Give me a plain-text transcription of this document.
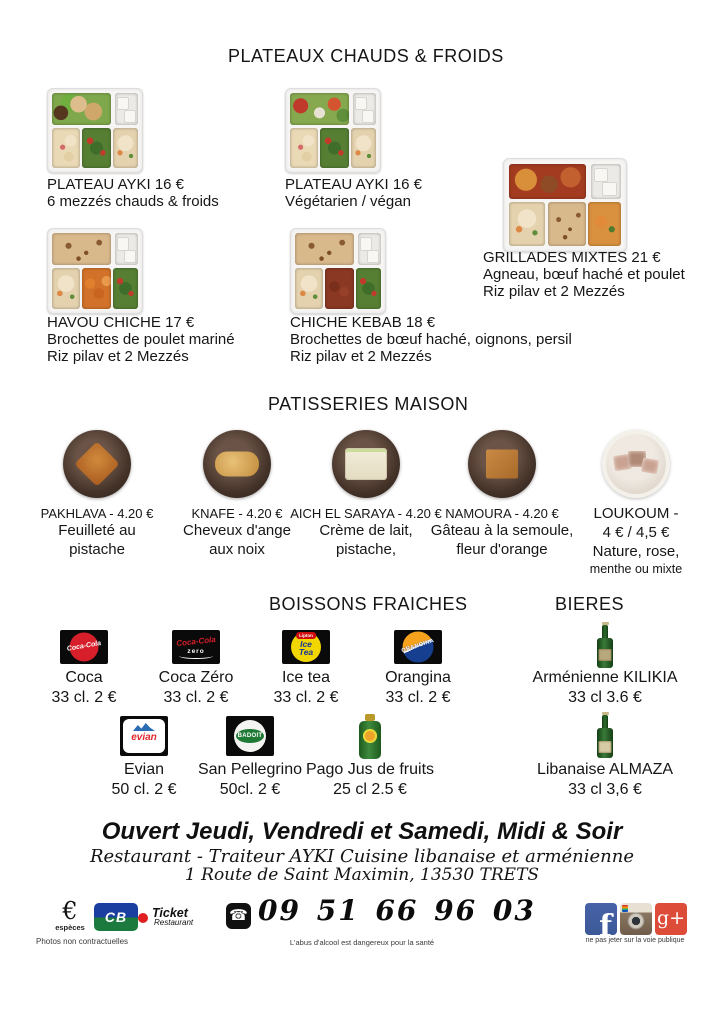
PLATEAUX CHAUDS & FROIDS
PLATEAU AYKI 16 €
6 mezzés chauds & froids
PLATEAU AYKI 16 €
Végétarien / végan
GRILLADES MIXTES 21 €
Agneau, bœuf haché et poulet
Riz pilav et 2 Mezzés
HAVOU CHICHE 17 €
Brochettes de poulet mariné
Riz pilav et 2 Mezzés
CHICHE KEBAB 18 €
Brochettes de bœuf haché, oignons, persil
Riz pilav et 2 Mezzés
PATISSERIES MAISON
PAKHLAVA - 4.20 €
Feuilleté au
pistache
KNAFE - 4.20 €
Cheveux d'ange
aux noix
AICH EL SARAYA - 4.20 €
Crème de lait,
pistache,
NAMOURA - 4.20 €
Gâteau à la semoule,
fleur d'orange
LOUKOUM -
4 € / 4,5 €
Nature, rose,
menthe ou mixte
BOISSONS FRAICHES	BIERES
Coca-Cola
Coca
33 cl. 2 €
Coca-Cola
zero
Coca Zéro
33 cl. 2 €
Lipton
Ice Tea
Ice tea
33 cl. 2 €
ORANGINA
Orangina
33 cl. 2 €
Arménienne KILIKIA
33 cl 3.6 €
evian
Evian
50 cl. 2 €
BADOIT
San Pellegrino
50cl. 2 €
Pago Jus de fruits
25 cl 2.5 €
Libanaise ALMAZA
33 cl 3,6 €
Ouvert Jeudi, Vendredi et Samedi, Midi & Soir
Restaurant - Traiteur AYKI Cuisine libanaise et arménienne
1 Route de Saint Maximin, 13530 TRETS
€
espèces
CB	Ticket
Restaurant ☎ 09 51 66 96 03
Photos non contractuelles	L'abus d'alcool est dangereux pour la santé	f g+
ne pas jeter sur la voie publique
